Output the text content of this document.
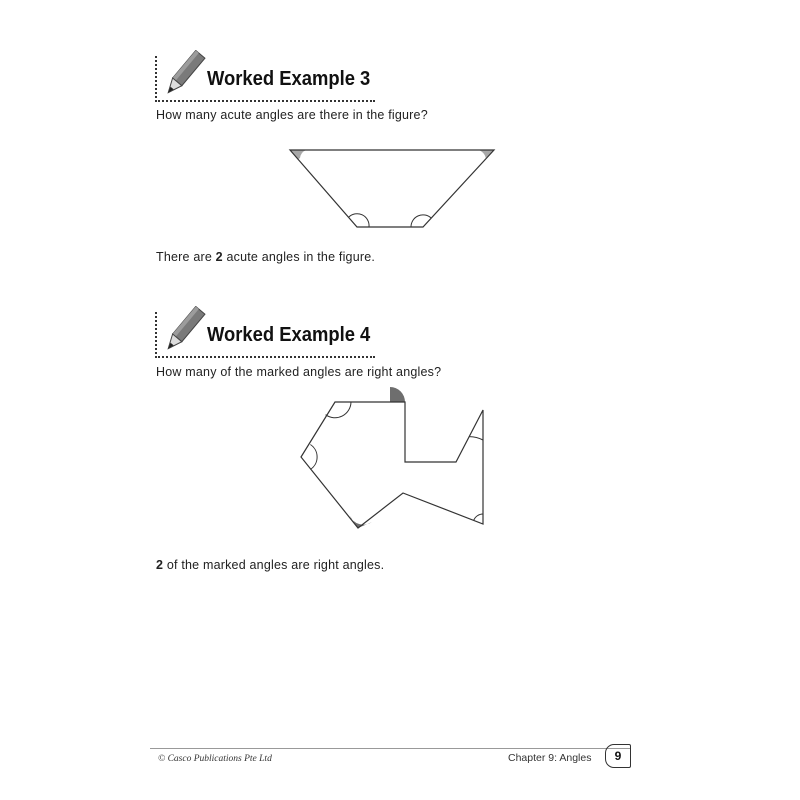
Worked Example 3
How many acute angles are there in the figure?
There are 2 acute angles in the figure.
Worked Example 4
How many of the marked angles are right angles?
2 of the marked angles are right angles.
© Casco Publications Pte Ltd	Chapter 9: Angles	9
